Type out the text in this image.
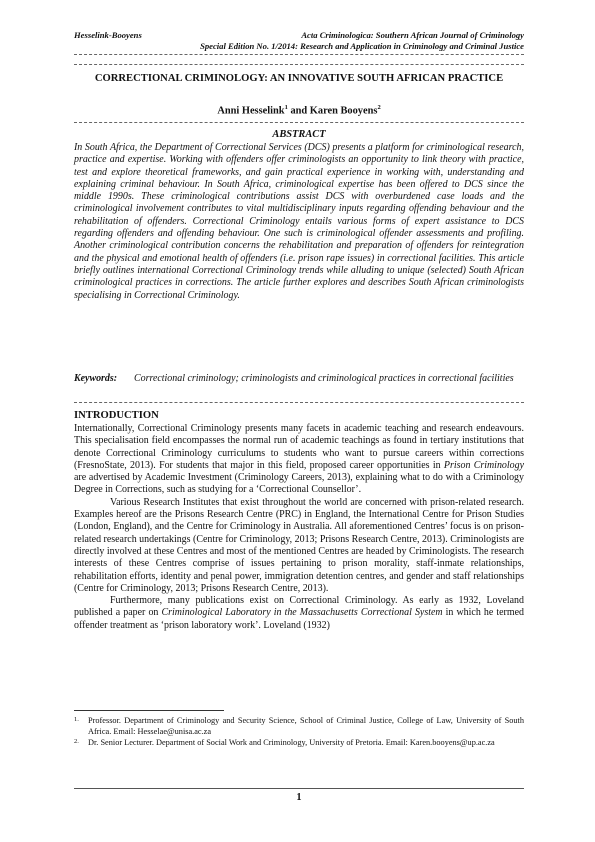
Hesselink-Booyens	Acta Criminologica: Southern African Journal of Criminology
Special Edition No. 1/2014: Research and Application in Criminology and Criminal Justice
CORRECTIONAL CRIMINOLOGY: AN INNOVATIVE SOUTH AFRICAN PRACTICE
Anni Hesselink$^1$ and Karen Booyens$^2$
ABSTRACT

In South Africa, the Department of Correctional Services (DCS) presents a platform for criminological research, practice and expertise. Working with offenders offer criminologists an opportunity to link theory with practice, test and explore theoretical frameworks, and gain practical experience in working with, understanding and explaining criminal behaviour. In South Africa, criminological expertise has been offered to DCS since the middle 1990s. These criminological contributions assist DCS with overburdened case loads and the criminological involvement contributes to vital multidisciplinary inputs regarding offending behaviour and the rehabilitation of offenders. Correctional Criminology entails various forms of expert assistance to DCS regarding offenders and offending behaviour. One such is criminological offender assessments and profiling. Another criminological contribution concerns the rehabilitation and preparation of offenders for reintegration and the physical and emotional health of offenders (i.e. prison rape issues) in correctional facilities. This article briefly outlines international Correctional Criminology trends while alluding to unique (selected) South African criminological practices in corrections. The article further explores and describes South African criminologists specialising in Correctional Criminology.

Keywords:	Correctional criminology; criminologists and criminological practices in correctional facilities
INTRODUCTION

Internationally, Correctional Criminology presents many facets in academic teaching and research endeavours. This specialisation field encompasses the normal run of academic teachings as found in tertiary institutions that denote Correctional Criminology curriculums to students who want to pursue careers within corrections (FresnoState, 2013). For students that major in this field, proposed career opportunities in Prison Criminology are advertised by Academic Investment (Criminology Careers, 2013), explaining what to do with a Criminology Degree in Corrections, such as studying for a ‘Correctional Counsellor’.

Various Research Institutes that exist throughout the world are concerned with prison-related research. Examples hereof are the Prisons Research Centre (PRC) in England, the International Centre for Prison Studies (London, England), and the Centre for Criminology in Australia. All aforementioned Centres’ focus is on prison-related research undertakings (Centre for Criminology, 2013; Prisons Research Centre, 2013). Criminologists are directly involved at these Centres and most of the mentioned Centres are headed by Criminologists. The research interests of these Centres comprise of issues pertaining to prison morality, staff-inmate relationships, rehabilitation efforts, identity and penal power, immigration detention centres, and gender and staff relationships (Centre for Criminology, 2013; Prisons Research Centre, 2013).

Furthermore, many publications exist on Correctional Criminology. As early as 1932, Loveland published a paper on Criminological Laboratory in the Massachusetts Correctional System in which he termed offender treatment as ‘prison laboratory work’. Loveland (1932)

1.	Professor. Department of Criminology and Security Science, School of Criminal Justice, College of Law, University of South Africa. Email: Hesselae@unisa.ac.za
2.	Dr. Senior Lecturer. Department of Social Work and Criminology, University of Pretoria. Email: Karen.booyens@up.ac.za
1
